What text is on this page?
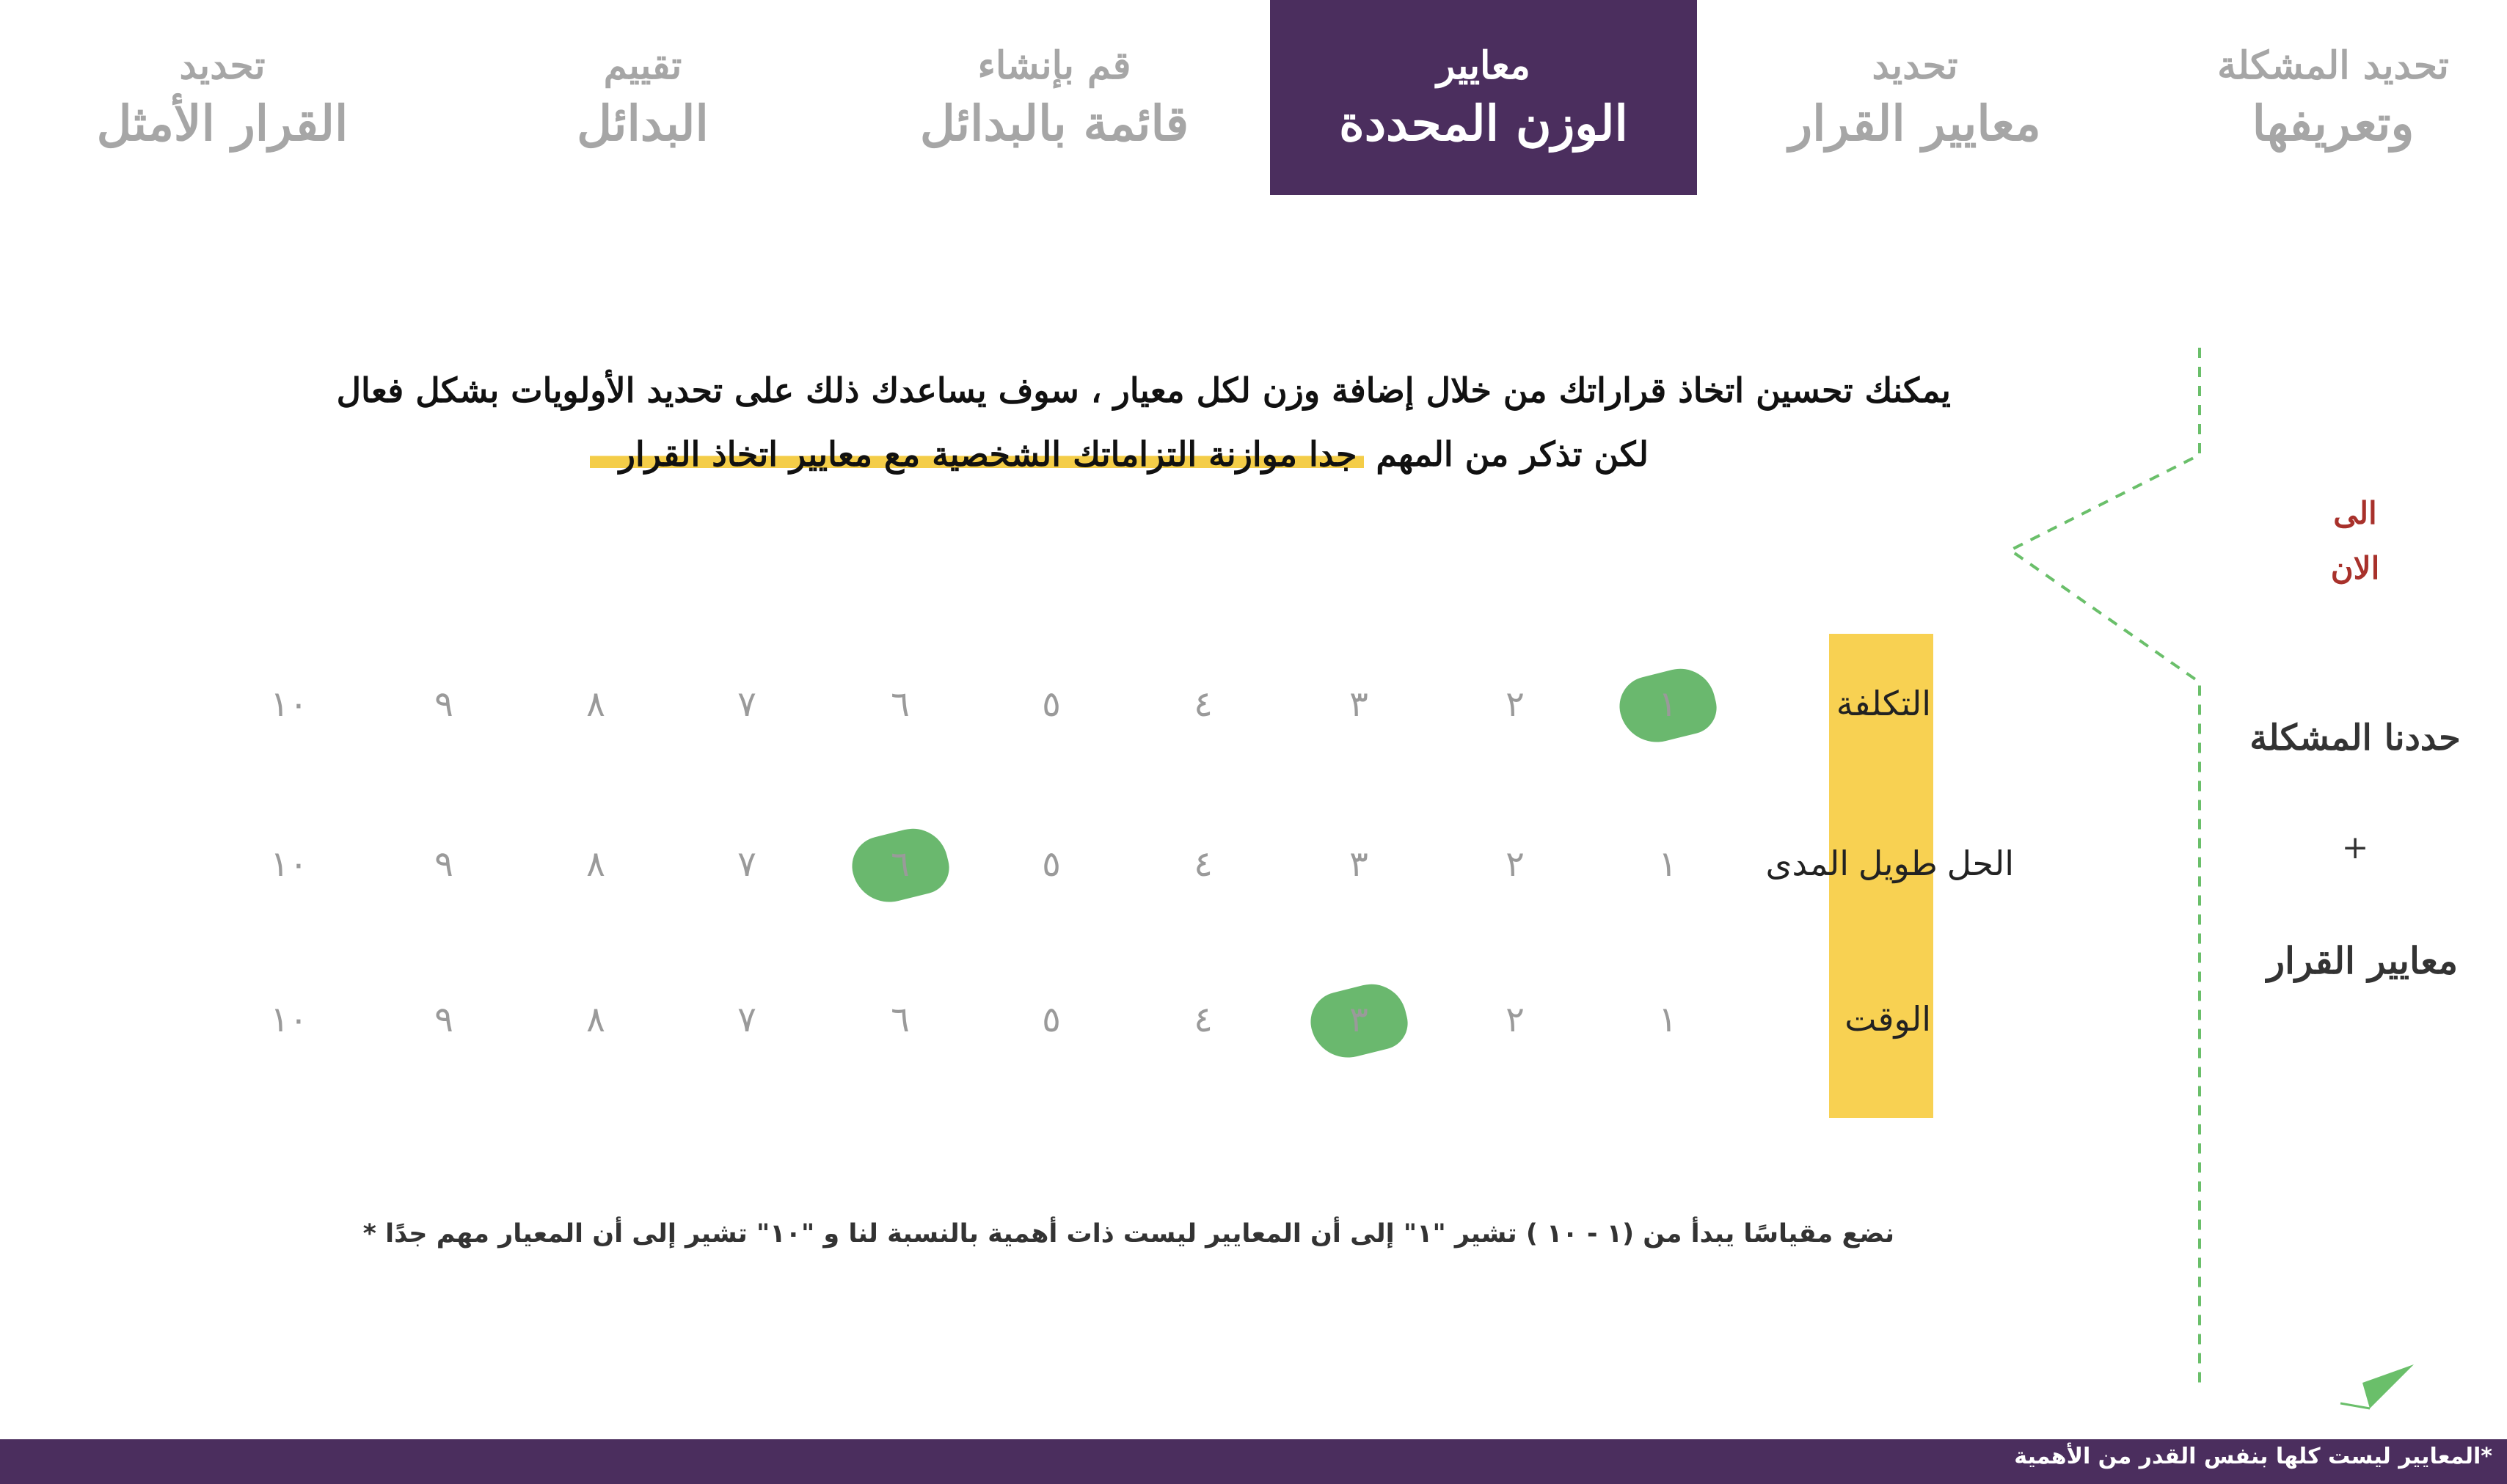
تحديد المشكلة
وتعريفها
تحديد
معايير القرار
معايير
الوزن المحددة
قم بإنشاء
قائمة بالبدائل
تقييم
البدائل
تحديد
القرار الأمثل
يمكنك تحسين اتخاذ قراراتك من خلال إضافة وزن لكل معيار ، سوف يساعدك ذلك على تحديد الأولويات بشكل فعال
لكن تذكر من المهم جدا موازنة التزاماتك الشخصية مع معايير اتخاذ القرار
التكلفة
١
٢
٣
٤
٥
٦
٧
٨
٩
١٠
الحل طويل المدى
١
٢
٣
٤
٥
٦
٧
٨
٩
١٠
الوقت
١
٢
٣
٤
٥
٦
٧
٨
٩
١٠
نضع مقياسًا يبدأ من (١ - ١٠ ) تشير "١" إلى أن المعايير ليست ذات أهمية بالنسبة لنا و "١٠" تشير إلى أن المعيار مهم جدًا *
الى
الان
حددنا المشكلة
+
معايير القرار
*المعايير ليست كلها بنفس القدر من الأهمية
